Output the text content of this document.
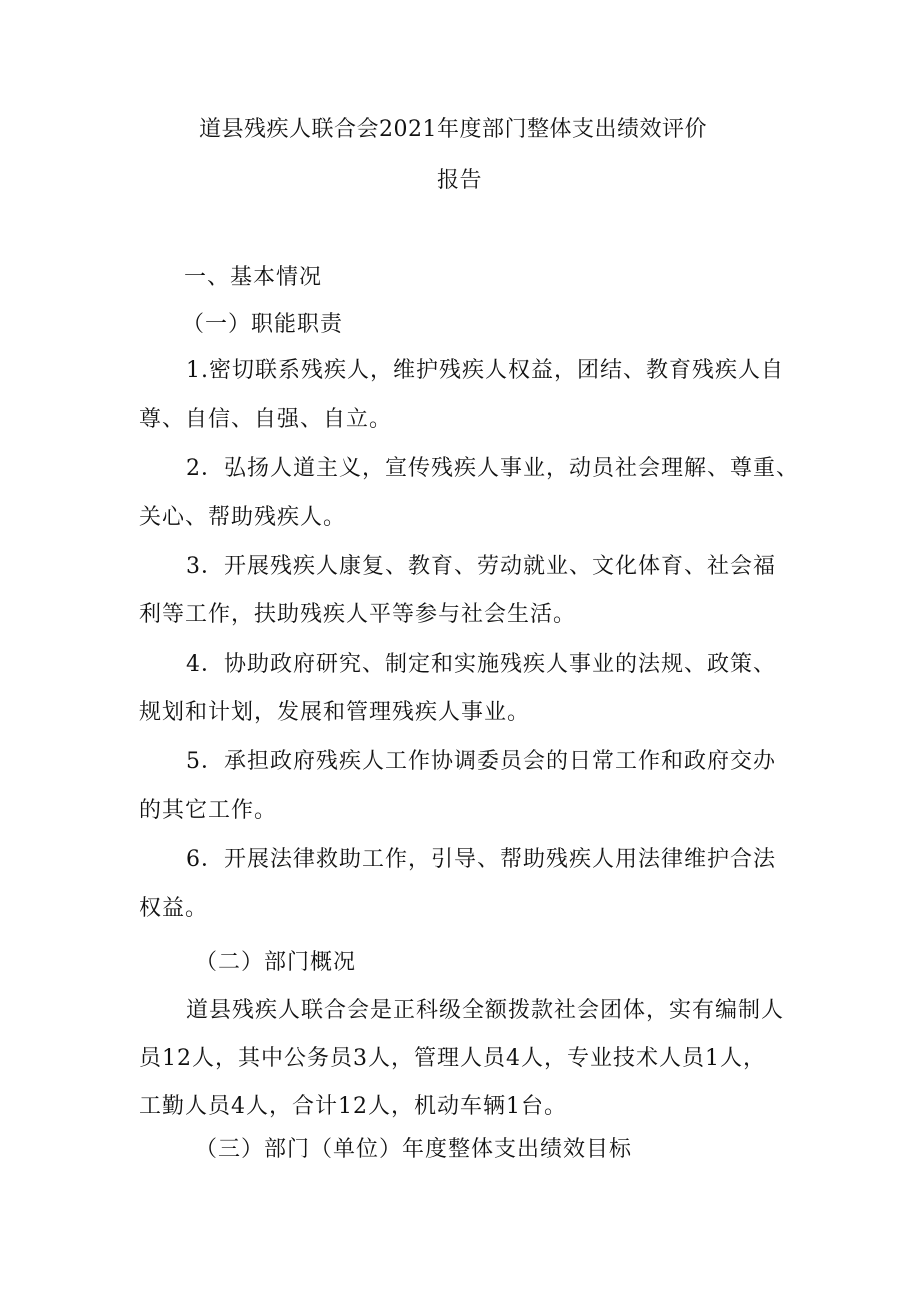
道县残疾人联合会2021年度部门整体支出绩效评价
报告
一、基本情况
（一）职能职责
1.密切联系残疾人，维护残疾人权益，团结、教育残疾人自
尊、自信、自强、自立。
2．弘扬人道主义，宣传残疾人事业，动员社会理解、尊重、
关心、帮助残疾人。
3．开展残疾人康复、教育、劳动就业、文化体育、社会福
利等工作，扶助残疾人平等参与社会生活。
4．协助政府研究、制定和实施残疾人事业的法规、政策、
规划和计划，发展和管理残疾人事业。
5．承担政府残疾人工作协调委员会的日常工作和政府交办
的其它工作。
6．开展法律救助工作，引导、帮助残疾人用法律维护合法
权益。
（二）部门概况
道县残疾人联合会是正科级全额拨款社会团体，实有编制人
员12人，其中公务员3人，管理人员4人，专业技术人员1人，
工勤人员4人，合计12人，机动车辆1台。
（三）部门（单位）年度整体支出绩效目标
